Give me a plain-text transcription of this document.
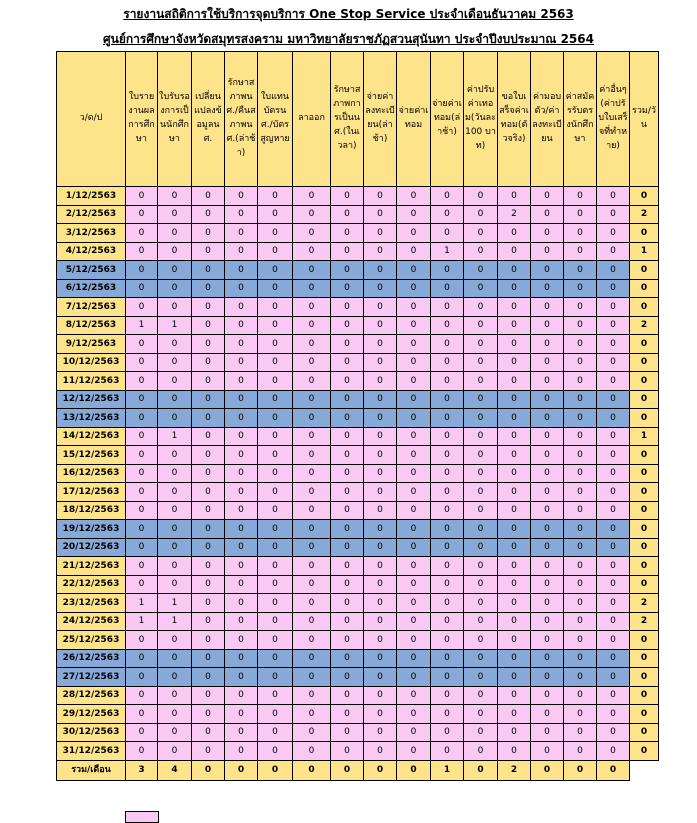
รายงานสถิติการใช้บริการจุดบริการ One Stop Service ประจำเดือนธันวาคม 2563
ศูนย์การศึกษาจังหวัดสมุทรสงคราม มหาวิทยาลัยราชภัฏสวนสุนันทา ประจำปีงบประมาณ 2564
ว/ด/ป	ใบรายงานผลการศึกษา	ใบรับรองการเป็นนักศึกษา	เปลี่ยนแปลงข้อมูลนศ.	รักษาสภาพนศ./คืนสภาพนศ.(ล่าช้า)	ใบแทนบัตรนศ./บัตรสูญหาย	ลาออก	รักษาสภาพการเป็นนศ.(ในเวลา)	จ่ายค่าลงทะเบียน(ล่าช้า)	จ่ายค่าเทอม	จ่ายค่าเทอม(ล่าช้า)	ค่าปรับค่าเทอม(วันละ 100 บาท)	ขอใบเสร็จค่าเทอม(ตัวจริง)	ค่ามอบตัว/ค่าลงทะเบียน	ค่าสมัครรับตรงนักศึกษา	ค่าอื่นๆ(ค่าปรับใบเสร็จที่ทำหาย)	รวม/วัน
1/12/2563	0	0	0	0	0	0	0	0	0	0	0	0	0	0	0	0
2/12/2563	0	0	0	0	0	0	0	0	0	0	0	2	0	0	0	2
3/12/2563	0	0	0	0	0	0	0	0	0	0	0	0	0	0	0	0
4/12/2563	0	0	0	0	0	0	0	0	0	1	0	0	0	0	0	1
5/12/2563	0	0	0	0	0	0	0	0	0	0	0	0	0	0	0	0
6/12/2563	0	0	0	0	0	0	0	0	0	0	0	0	0	0	0	0
7/12/2563	0	0	0	0	0	0	0	0	0	0	0	0	0	0	0	0
8/12/2563	1	1	0	0	0	0	0	0	0	0	0	0	0	0	0	2
9/12/2563	0	0	0	0	0	0	0	0	0	0	0	0	0	0	0	0
10/12/2563	0	0	0	0	0	0	0	0	0	0	0	0	0	0	0	0
11/12/2563	0	0	0	0	0	0	0	0	0	0	0	0	0	0	0	0
12/12/2563	0	0	0	0	0	0	0	0	0	0	0	0	0	0	0	0
13/12/2563	0	0	0	0	0	0	0	0	0	0	0	0	0	0	0	0
14/12/2563	0	1	0	0	0	0	0	0	0	0	0	0	0	0	0	1
15/12/2563	0	0	0	0	0	0	0	0	0	0	0	0	0	0	0	0
16/12/2563	0	0	0	0	0	0	0	0	0	0	0	0	0	0	0	0
17/12/2563	0	0	0	0	0	0	0	0	0	0	0	0	0	0	0	0
18/12/2563	0	0	0	0	0	0	0	0	0	0	0	0	0	0	0	0
19/12/2563	0	0	0	0	0	0	0	0	0	0	0	0	0	0	0	0
20/12/2563	0	0	0	0	0	0	0	0	0	0	0	0	0	0	0	0
21/12/2563	0	0	0	0	0	0	0	0	0	0	0	0	0	0	0	0
22/12/2563	0	0	0	0	0	0	0	0	0	0	0	0	0	0	0	0
23/12/2563	1	1	0	0	0	0	0	0	0	0	0	0	0	0	0	2
24/12/2563	1	1	0	0	0	0	0	0	0	0	0	0	0	0	0	2
25/12/2563	0	0	0	0	0	0	0	0	0	0	0	0	0	0	0	0
26/12/2563	0	0	0	0	0	0	0	0	0	0	0	0	0	0	0	0
27/12/2563	0	0	0	0	0	0	0	0	0	0	0	0	0	0	0	0
28/12/2563	0	0	0	0	0	0	0	0	0	0	0	0	0	0	0	0
29/12/2563	0	0	0	0	0	0	0	0	0	0	0	0	0	0	0	0
30/12/2563	0	0	0	0	0	0	0	0	0	0	0	0	0	0	0	0
31/12/2563	0	0	0	0	0	0	0	0	0	0	0	0	0	0	0	0
รวม/เดือน	3	4	0	0	0	0	0	0	0	1	0	2	0	0	0	
